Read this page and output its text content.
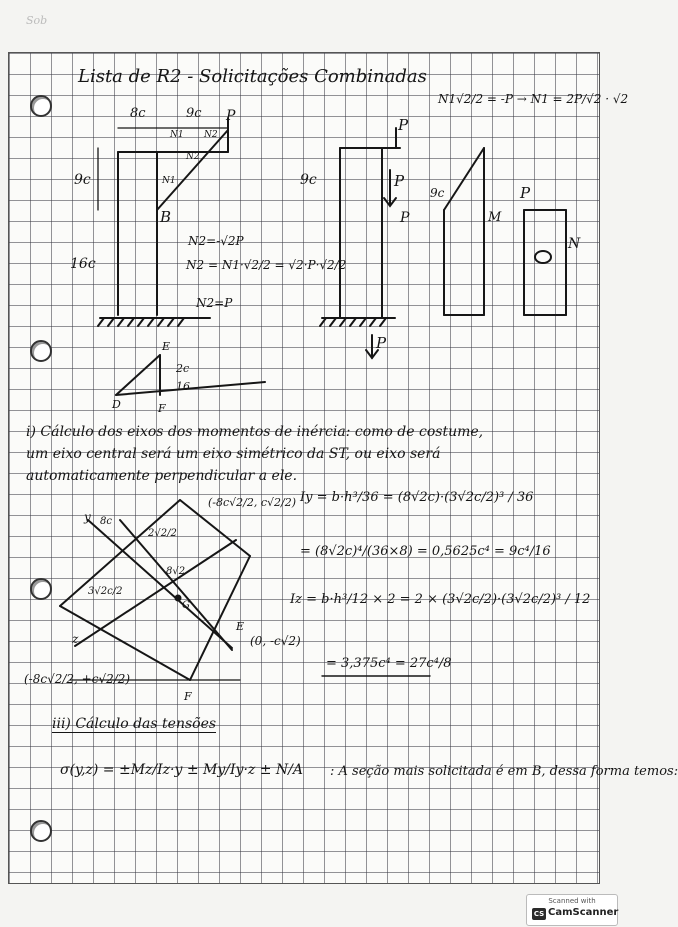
Sob
Lista de R2 - Solicitações Combinadas
N1√2/2 = -P → N1 = 2P/√2 · √2
8c	9c P
9c
16c
N1 N2
N2
N1
B
N2=-√2P
N2 = N1·√2/2 = √2·P·√2/2
N2=P
P
P
P
9c
P
9c
M
N
P
E
2c
16
D	F
i) Cálculo dos eixos dos momentos de inércia: como de costume,
um eixo central será um eixo simétrico da ST, ou eixo será
automaticamente perpendicular a ele.
(-8c√2/2, c√2/2) Iy = b·h³/36 = (8√2c)·(3√2c/2)³ / 36
= (8√2c)⁴/(36×8) = 0,5625c⁴ = 9c⁴/16
Iz = b·h³/12 × 2 = 2 × (3√2c/2)·(3√2c/2)³ / 12
= 3,375c⁴ = 27c⁴/8
(0, -c√2)
(-8c√2/2, +c√2/2)
8c
3√2c/2
2√2/2
8√2
G
y
z
E
F
iii) Cálculo das tensões
σ(y,z) = ±Mz/Iz·y ± My/Iy·z ± N/A : A seção mais solicitada é em B, dessa forma temos:
Scanned with
CS CamScanner
